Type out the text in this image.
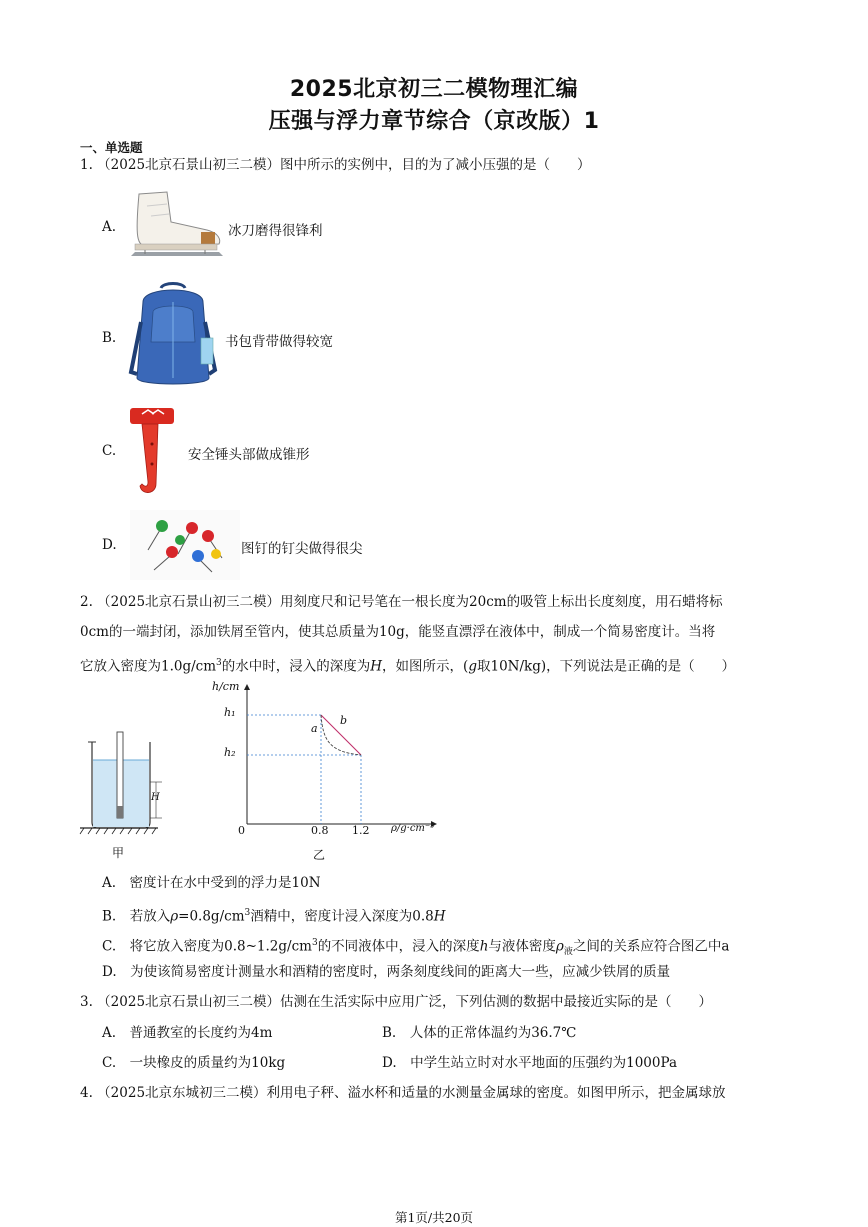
2025北京初三二模物理汇编
压强与浮力章节综合（京改版）1
一、单选题
1. （2025北京石景山初三二模）图中所示的实例中，目的为了减小压强的是（　　）
A.	冰刀磨得很锋利
B.	书包背带做得较宽
C.	安全锤头部做成锥形
D.	图钉的钉尖做得很尖
2. （2025北京石景山初三二模）用刻度尺和记号笔在一根长度为20cm的吸管上标出长度刻度，用石蜡将标
0cm的一端封闭，添加铁屑至管内，使其总质量为10g，能竖直漂浮在液体中，制成一个简易密度计。当将
它放入密度为$1.0g/cm^3$的水中时，浸入的深度为H，如图所示，(g取10N/kg)，下列说法是正确的是（　　）
H
甲
h/cm
h₁
h₂
0	0.8 1.2 ρ/g·cm⁻³
a
b
乙
A.　密度计在水中受到的浮力是10N
B.　若放入$\rho=0.8g/cm^3$酒精中，密度计浸入深度为0.8H
C.　将它放入密度为$0.8\sim 1.2g/cm^3$的不同液体中，浸入的深度h与液体密度$\rho_液$之间的关系应符合图乙中a
D.　为使该简易密度计测量水和酒精的密度时，两条刻度线间的距离大一些，应减少铁屑的质量
3. （2025北京石景山初三二模）估测在生活实际中应用广泛，下列估测的数据中最接近实际的是（　　）
A.　普通教室的长度约为4m	B.　人体的正常体温约为36.7℃
C.　一块橡皮的质量约为10kg	D.　中学生站立时对水平地面的压强约为1000Pa
4. （2025北京东城初三二模）利用电子秤、溢水杯和适量的水测量金属球的密度。如图甲所示，把金属球放
第1页/共20页
